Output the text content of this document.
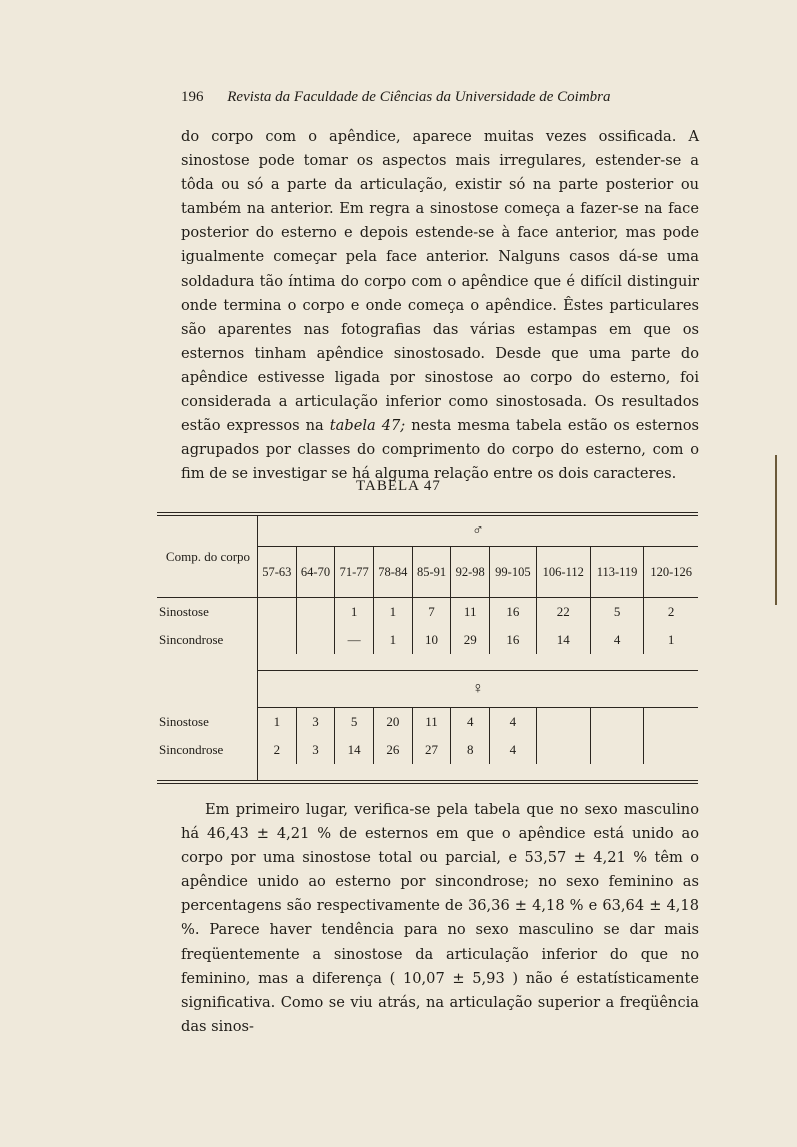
196 Revista da Faculdade de Ciências da Universidade de Coimbra

do corpo com o apêndice, aparece muitas vezes ossificada. A sinostose pode tomar os aspectos mais irregulares, estender-se a tôda ou só a parte da articulação, existir só na parte posterior ou também na anterior. Em regra a sinostose começa a fazer-se na face posterior do esterno e depois estende-se à face anterior, mas pode igualmente começar pela face anterior. Nalguns casos dá-se uma soldadura tão íntima do corpo com o apêndice que é difícil distinguir onde termina o corpo e onde começa o apêndice. Êstes particulares são aparentes nas fotografias das várias estampas em que os esternos tinham apêndice sinostosado. Desde que uma parte do apêndice estivesse ligada por sinostose ao corpo do esterno, foi considerada a articulação inferior como sinostosada. Os resultados estão expressos na tabela 47; nesta mesma tabela estão os esternos agrupados por classes do comprimento do corpo do esterno, com o fim de se investigar se há alguma relação entre os dois caracteres.

TABELA 47
Comp. do corpo	♂									
	57-63	64-70	71-77	78-84	85-91	92-98	99-105	106-112	113-119	120-126
Sinostose			1	1	7	11	16	22	5	2
Sincondrose			—	1	10	29	16	14	4	1

	♀									
Sinostose	1	3	5	20	11	4	4			
Sincondrose	2	3	14	26	27	8	4			

Em primeiro lugar, verifica-se pela tabela que no sexo masculino há 46,43 ± 4,21 % de esternos em que o apêndice está unido ao corpo por uma sinostose total ou parcial, e 53,57 ± 4,21 % têm o apêndice unido ao esterno por sincondrose; no sexo feminino as percentagens são respectivamente de 36,36 ± 4,18 % e 63,64 ± 4,18 %. Parece haver tendência para no sexo masculino se dar mais freqüentemente a sinostose da articulação inferior do que no feminino, mas a diferença ( 10,07 ± 5,93 ) não é estatísticamente significativa. Como se viu atrás, na articulação superior a freqüência das sinos-
